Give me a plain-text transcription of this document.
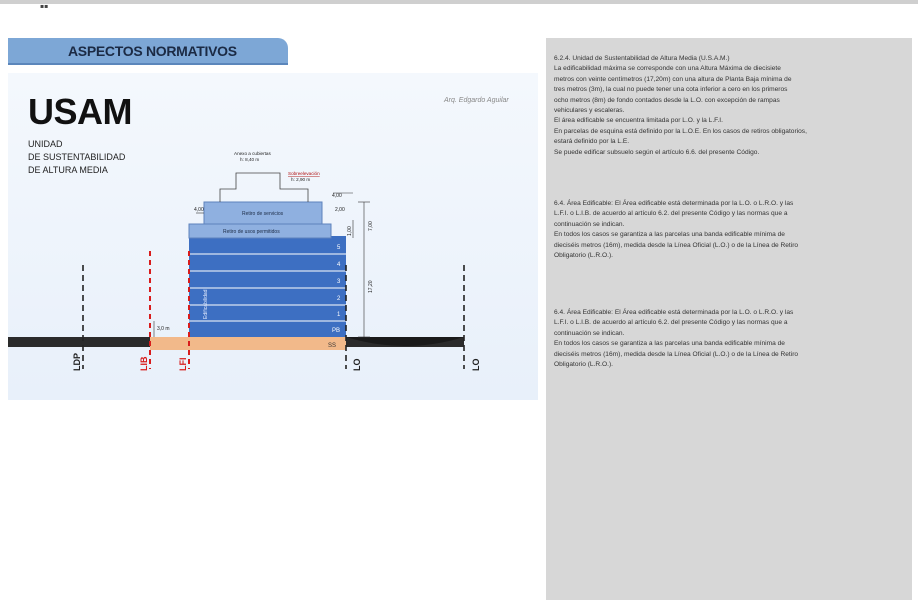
▪▪
ASPECTOS NORMATIVOS
USAM
UNIDAD
DE SUSTENTABILIDAD
DE ALTURA MEDIA
Arq. Edgardo Aguilar
4,00
4,00
2,00
1,00
7,00
17,20
3,0 m
Anexo a cubiertas
h: 8,40 m
Sobreelevación
h: 2,90 m
Retiro de servicios
Retiro de usos permitidos
5
4
3
2
1
PB
SS
Edificabilidad
LDP	LIB	LFI	LO	LO

6.2.4. Unidad de Sustentabilidad de Altura Media (U.S.A.M.)
La edificabilidad máxima se corresponde con una Altura Máxima de diecisiete
metros con veinte centímetros (17,20m) con una altura de Planta Baja mínima de
tres metros (3m), la cual no puede tener una cota inferior a cero en los primeros
ocho metros (8m) de fondo contados desde la L.O. con excepción de rampas
vehiculares y escaleras.
El área edificable se encuentra limitada por L.O. y la L.F.I.
En parcelas de esquina está definido por la L.O.E. En los casos de retiros obligatorios,
estará definido por la L.E.
Se puede edificar subsuelo según el artículo 6.6. del presente Código.

6.4. Área Edificable: El Área edificable está determinada por la L.O. o L.R.O. y las
L.F.I. o L.I.B. de acuerdo al artículo 6.2. del presente Código y las normas que a
continuación se indican.
En todos los casos se garantiza a las parcelas una banda edificable mínima de
dieciséis metros (16m), medida desde la Línea Oficial (L.O.) o de la Línea de Retiro
Obligatorio (L.R.O.).

6.4. Área Edificable: El Área edificable está determinada por la L.O. o L.R.O. y las
L.F.I. o L.I.B. de acuerdo al artículo 6.2. del presente Código y las normas que a
continuación se indican.
En todos los casos se garantiza a las parcelas una banda edificable mínima de
dieciséis metros (16m), medida desde la Línea Oficial (L.O.) o de la Línea de Retiro
Obligatorio (L.R.O.).
